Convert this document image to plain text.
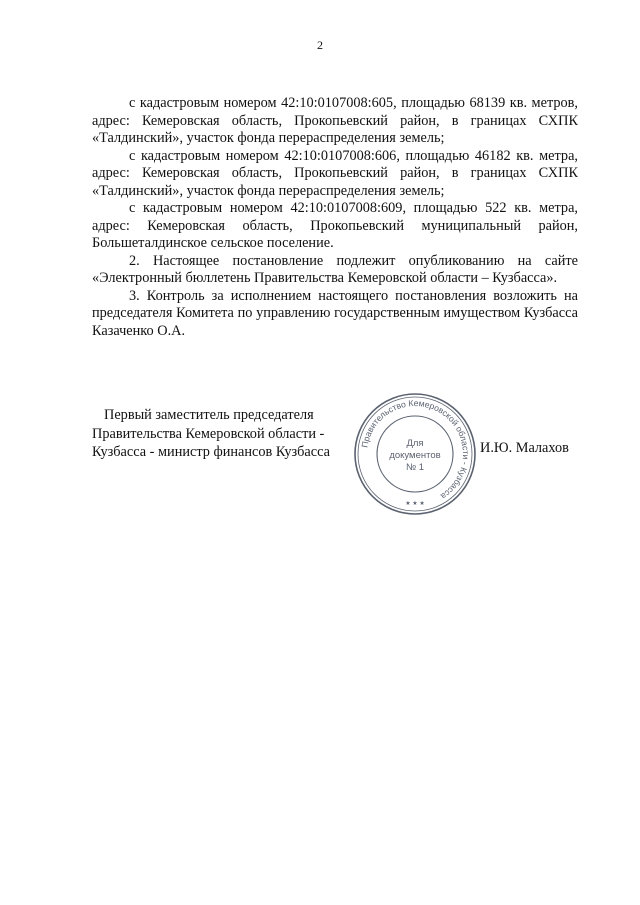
2

с кадастровым номером 42:10:0107008:605, площадью 68139 кв. метров, адрес: Кемеровская область, Прокопьевский район, в границах СХПК «Талдинский», участок фонда перераспределения земель;

с кадастровым номером 42:10:0107008:606, площадью 46182 кв. метра, адрес: Кемеровская область, Прокопьевский район, в границах СХПК «Талдинский», участок фонда перераспределения земель;

с кадастровым номером 42:10:0107008:609, площадью 522 кв. метра, адрес: Кемеровская область, Прокопьевский муниципальный район, Большеталдинское сельское поселение.

2. Настоящее постановление подлежит опубликованию на сайте «Электронный бюллетень Правительства Кемеровской области – Кузбасса».

3. Контроль за исполнением настоящего постановления возложить на председателя Комитета по управлению государственным имуществом Кузбасса Казаченко О.А.

Первый заместитель председателя
Правительства Кемеровской области -
Кузбасса - министр финансов Кузбасса	Правительство Кемеровской области - Кузбасса
Для
документов
№ 1
★ ★ ★
И.Ю. Малахов
